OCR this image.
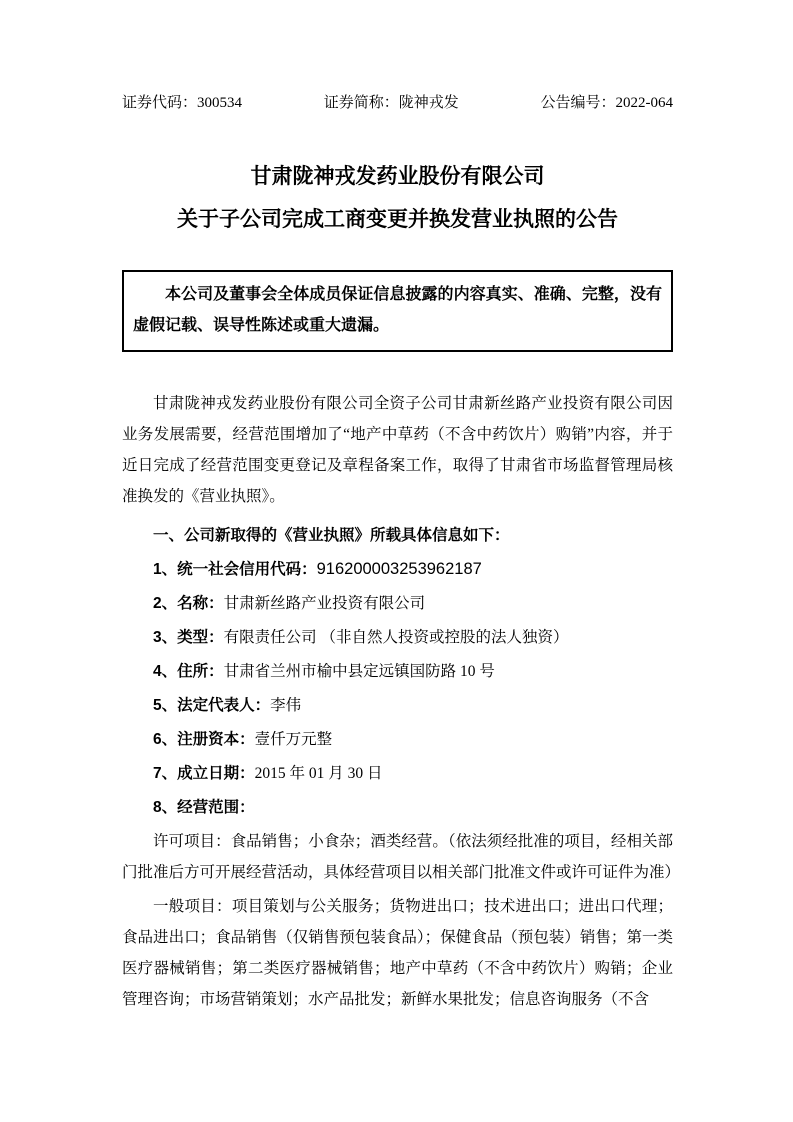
证券代码：300534	证券简称：陇神戎发	公告编号：2022-064
甘肃陇神戎发药业股份有限公司
关于子公司完成工商变更并换发营业执照的公告

本公司及董事会全体成员保证信息披露的内容真实、准确、完整，没有虚假记载、误导性陈述或重大遗漏。

甘肃陇神戎发药业股份有限公司全资子公司甘肃新丝路产业投资有限公司因业务发展需要，经营范围增加了“地产中草药（不含中药饮片）购销”内容，并于近日完成了经营范围变更登记及章程备案工作，取得了甘肃省市场监督管理局核准换发的《营业执照》。

一、公司新取得的《营业执照》所载具体信息如下：

1、统一社会信用代码：916200003253962187

2、名称：甘肃新丝路产业投资有限公司

3、类型：有限责任公司 （非自然人投资或控股的法人独资）

4、住所：甘肃省兰州市榆中县定远镇国防路 10 号

5、法定代表人：李伟

6、注册资本：壹仟万元整

7、成立日期：2015 年 01 月 30 日

8、经营范围：

许可项目：食品销售；小食杂；酒类经营。（依法须经批准的项目，经相关部门批准后方可开展经营活动，具体经营项目以相关部门批准文件或许可证件为准）

一般项目：项目策划与公关服务；货物进出口；技术进出口；进出口代理；食品进出口；食品销售（仅销售预包装食品）；保健食品（预包装）销售；第一类医疗器械销售；第二类医疗器械销售；地产中草药（不含中药饮片）购销；企业管理咨询；市场营销策划；水产品批发；新鲜水果批发；信息咨询服务（不含
